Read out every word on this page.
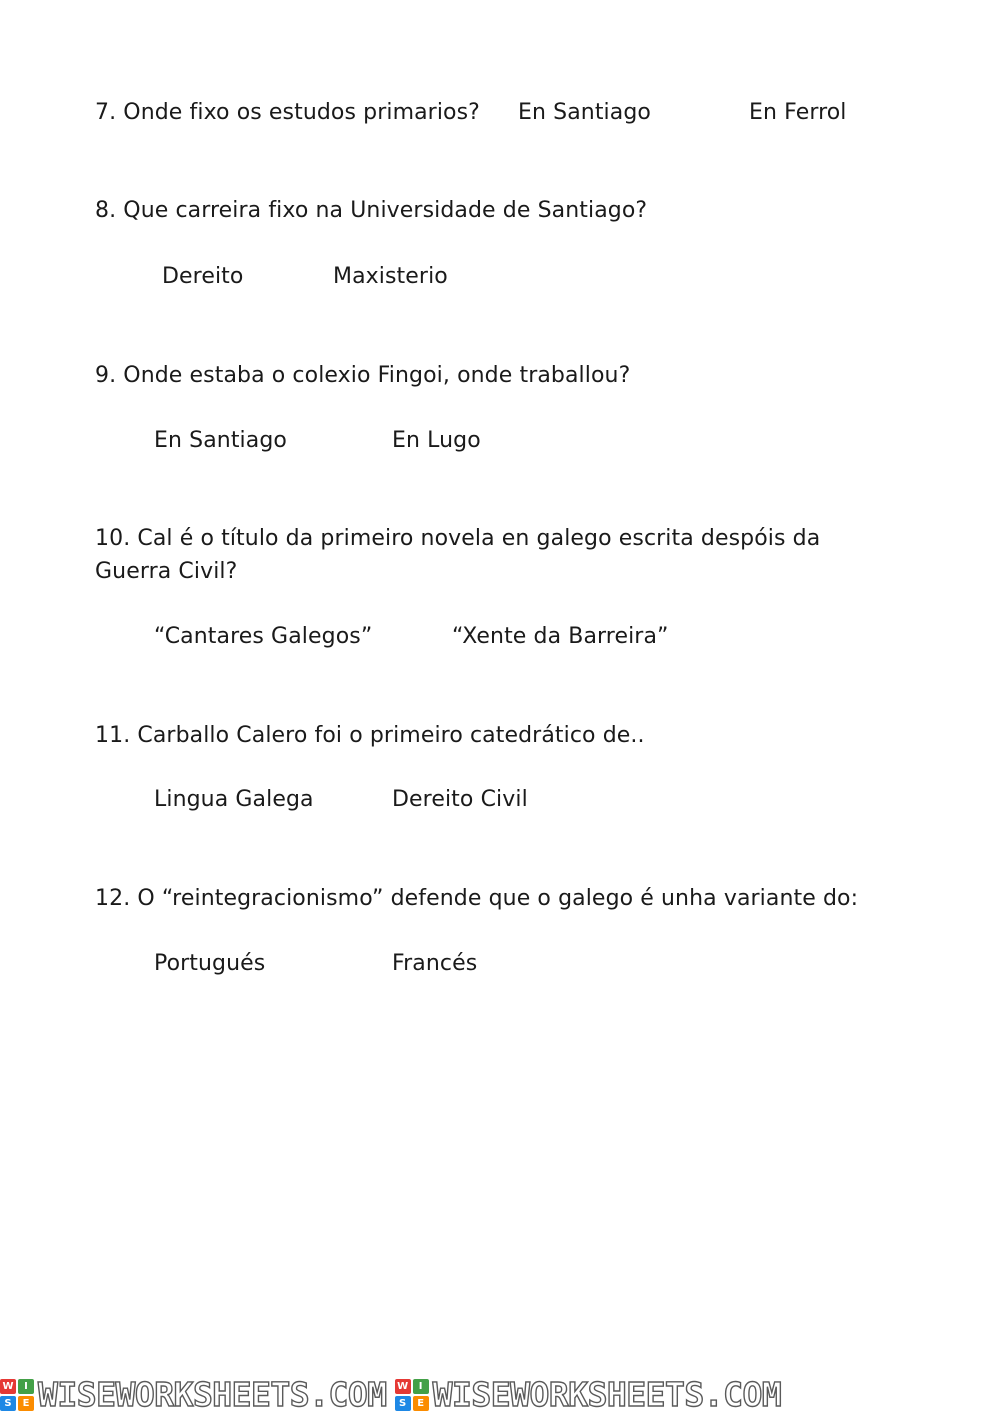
7. Onde fixo os estudos primarios? En Santiago	En Ferrol
8. Que carreira fixo na Universidade de Santiago?
Dereito	Maxisterio
9. Onde estaba o colexio Fingoi, onde traballou?
En Santiago	En Lugo
10. Cal é o título da primeiro novela en galego escrita despóis da Guerra Civil?
“Cantares Galegos”	“Xente da Barreira”
11. Carballo Calero foi o primeiro catedrático de..
Lingua Galega	Dereito Civil
12. O “reintegracionismo” defende que o galego é unha variante do:
Portugués	Francés
W	I
S	E WISEWORKSHEETS.COM W	I
S	E WISEWORKSHEETS.COM
